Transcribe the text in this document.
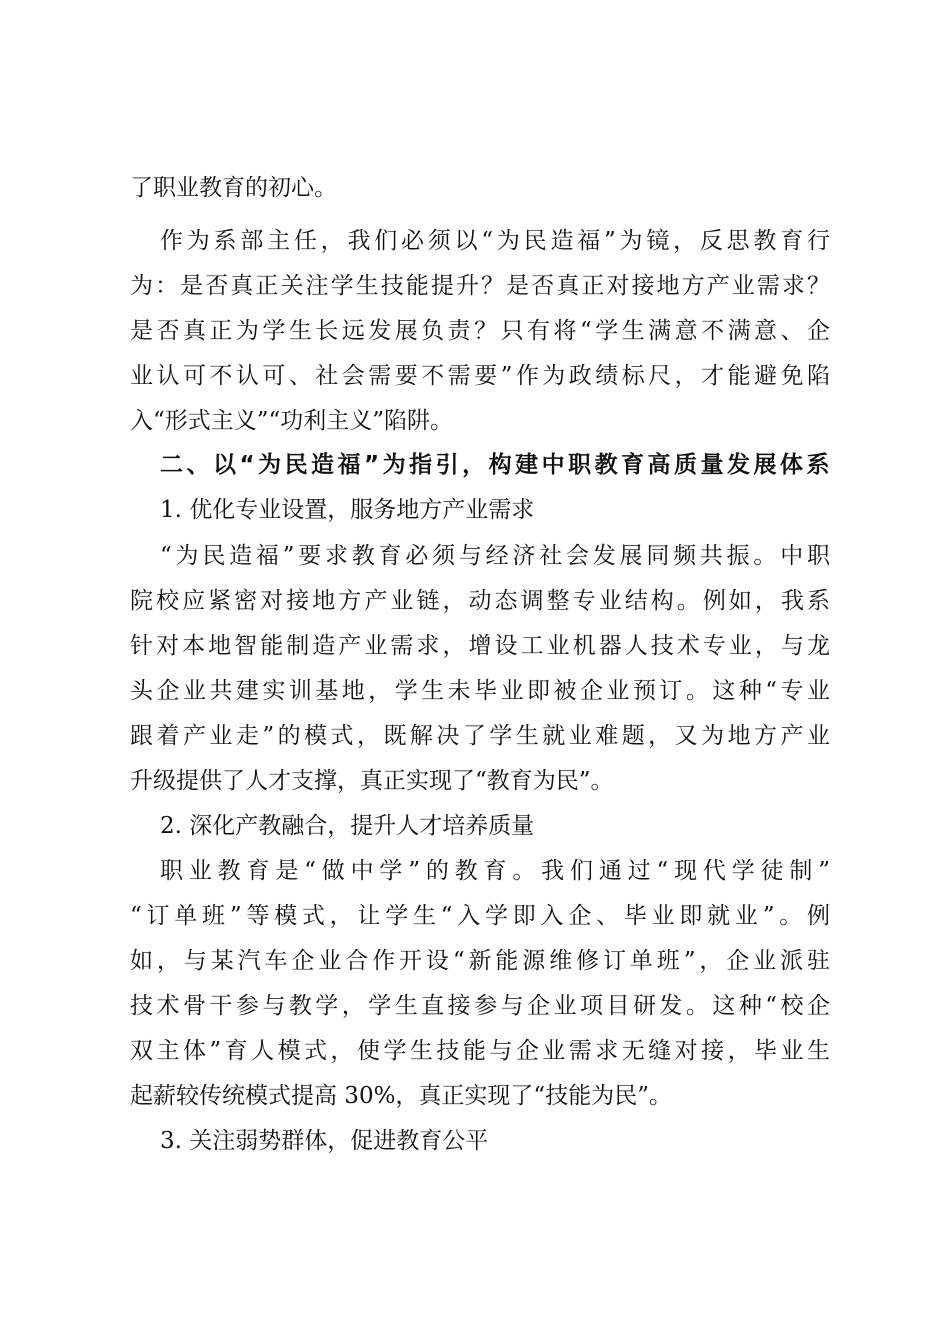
了职业教育的初心。
作为系部主任，我们必须以“为民造福”为镜，反思教育行
为：是否真正关注学生技能提升？是否真正对接地方产业需求？
是否真正为学生长远发展负责？只有将“学生满意不满意、企
业认可不认可、社会需要不需要”作为政绩标尺，才能避免陷
入“形式主义”“功利主义”陷阱。
二、以“为民造福”为指引，构建中职教育高质量发展体系
1. 优化专业设置，服务地方产业需求
“为民造福”要求教育必须与经济社会发展同频共振。中职
院校应紧密对接地方产业链，动态调整专业结构。例如，我系
针对本地智能制造产业需求，增设工业机器人技术专业，与龙
头企业共建实训基地，学生未毕业即被企业预订。这种“专业
跟着产业走”的模式，既解决了学生就业难题，又为地方产业
升级提供了人才支撑，真正实现了“教育为民”。
2. 深化产教融合，提升人才培养质量
职业教育是“做中学”的教育。我们通过“现代学徒制”
“订单班”等模式，让学生“入学即入企、毕业即就业”。例
如，与某汽车企业合作开设“新能源维修订单班”，企业派驻
技术骨干参与教学，学生直接参与企业项目研发。这种“校企
双主体”育人模式，使学生技能与企业需求无缝对接，毕业生
起薪较传统模式提高 30%，真正实现了“技能为民”。
3. 关注弱势群体，促进教育公平
